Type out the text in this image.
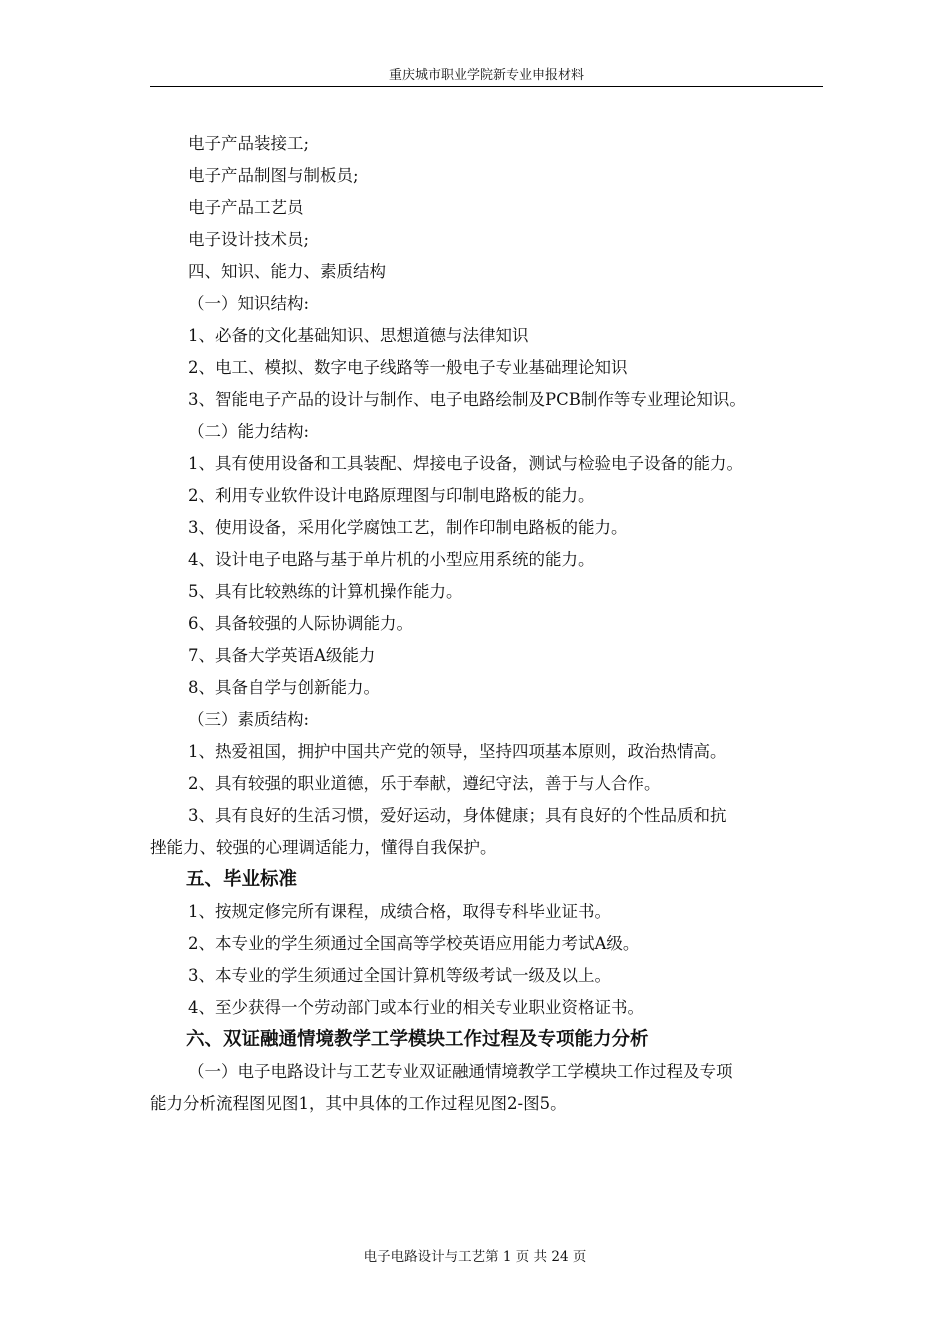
重庆城市职业学院新专业申报材料
电子产品装接工;
电子产品制图与制板员;
电子产品工艺员
电子设计技术员;
四、知识、能力、素质结构
（一）知识结构:
1、必备的文化基础知识、思想道德与法律知识
2、电工、模拟、数字电子线路等一般电子专业基础理论知识
3、智能电子产品的设计与制作、电子电路绘制及PCB制作等专业理论知识。
（二）能力结构:
1、具有使用设备和工具装配、焊接电子设备，测试与检验电子设备的能力。
2、利用专业软件设计电路原理图与印制电路板的能力。
3、使用设备，采用化学腐蚀工艺，制作印制电路板的能力。
4、设计电子电路与基于单片机的小型应用系统的能力。
5、具有比较熟练的计算机操作能力。
6、具备较强的人际协调能力。
7、具备大学英语A级能力
8、具备自学与创新能力。
（三）素质结构:
1、热爱祖国，拥护中国共产党的领导，坚持四项基本原则，政治热情高。
2、具有较强的职业道德，乐于奉献，遵纪守法，善于与人合作。
3、具有良好的生活习惯，爱好运动，身体健康；具有良好的个性品质和抗
挫能力、较强的心理调适能力，懂得自我保护。
五、毕业标准
1、按规定修完所有课程，成绩合格，取得专科毕业证书。
2、本专业的学生须通过全国高等学校英语应用能力考试A级。
3、本专业的学生须通过全国计算机等级考试一级及以上。
4、至少获得一个劳动部门或本行业的相关专业职业资格证书。
六、双证融通情境教学工学模块工作过程及专项能力分析
（一）电子电路设计与工艺专业双证融通情境教学工学模块工作过程及专项
能力分析流程图见图1，其中具体的工作过程见图2-图5。
电子电路设计与工艺第 1 页 共 24 页
